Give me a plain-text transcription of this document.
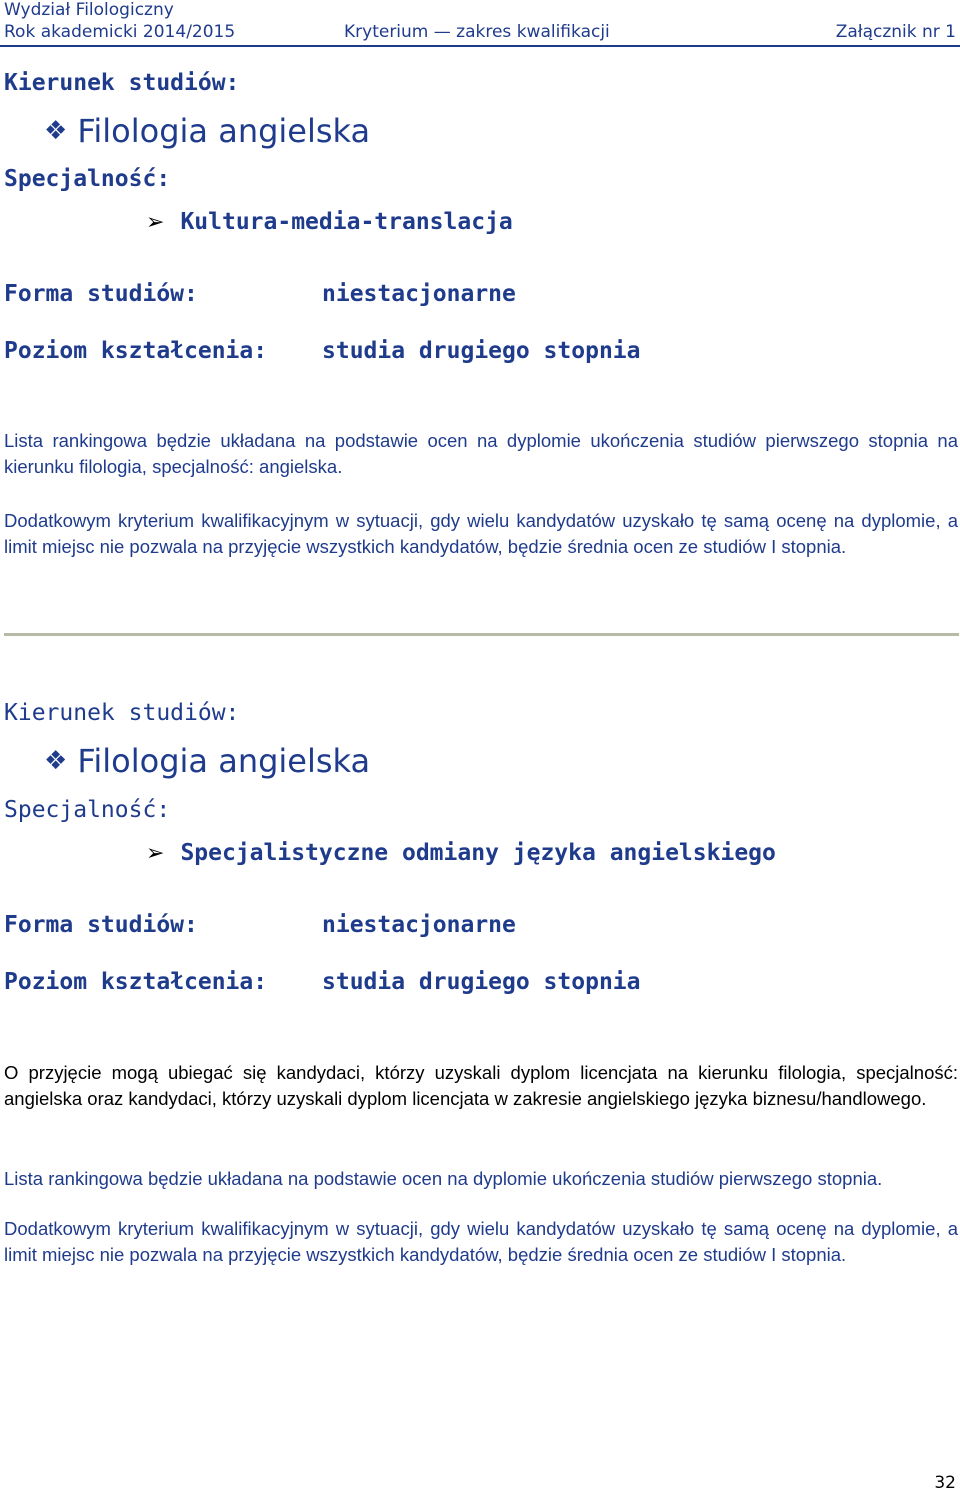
Wydział Filologiczny
Rok akademicki 2014/2015	Kryterium — zakres kwalifikacji	Załącznik nr 1
Kierunek studiów:
❖ Filologia angielska
Specjalność:
➢ Kultura-media-translacja
Forma studiów:	niestacjonarne
Poziom kształcenia: studia drugiego stopnia
Lista rankingowa będzie układana na podstawie ocen na dyplomie ukończenia studiów pierwszego stopnia na kierunku filologia, specjalność: angielska.
Dodatkowym kryterium kwalifikacyjnym w sytuacji, gdy wielu kandydatów uzyskało tę samą ocenę na dyplomie, a limit miejsc nie pozwala na przyjęcie wszystkich kandydatów, będzie średnia ocen ze studiów I stopnia.
Kierunek studiów:
❖ Filologia angielska
Specjalność:
➢ Specjalistyczne odmiany języka angielskiego
Forma studiów:	niestacjonarne
Poziom kształcenia: studia drugiego stopnia
O przyjęcie mogą ubiegać się kandydaci, którzy uzyskali dyplom licencjata na kierunku filologia, specjalność: angielska oraz kandydaci, którzy uzyskali dyplom licencjata w zakresie angielskiego języka biznesu/handlowego.
Lista rankingowa będzie układana na podstawie ocen na dyplomie ukończenia studiów pierwszego stopnia.
Dodatkowym kryterium kwalifikacyjnym w sytuacji, gdy wielu kandydatów uzyskało tę samą ocenę na dyplomie, a limit miejsc nie pozwala na przyjęcie wszystkich kandydatów, będzie średnia ocen ze studiów I stopnia.
32
